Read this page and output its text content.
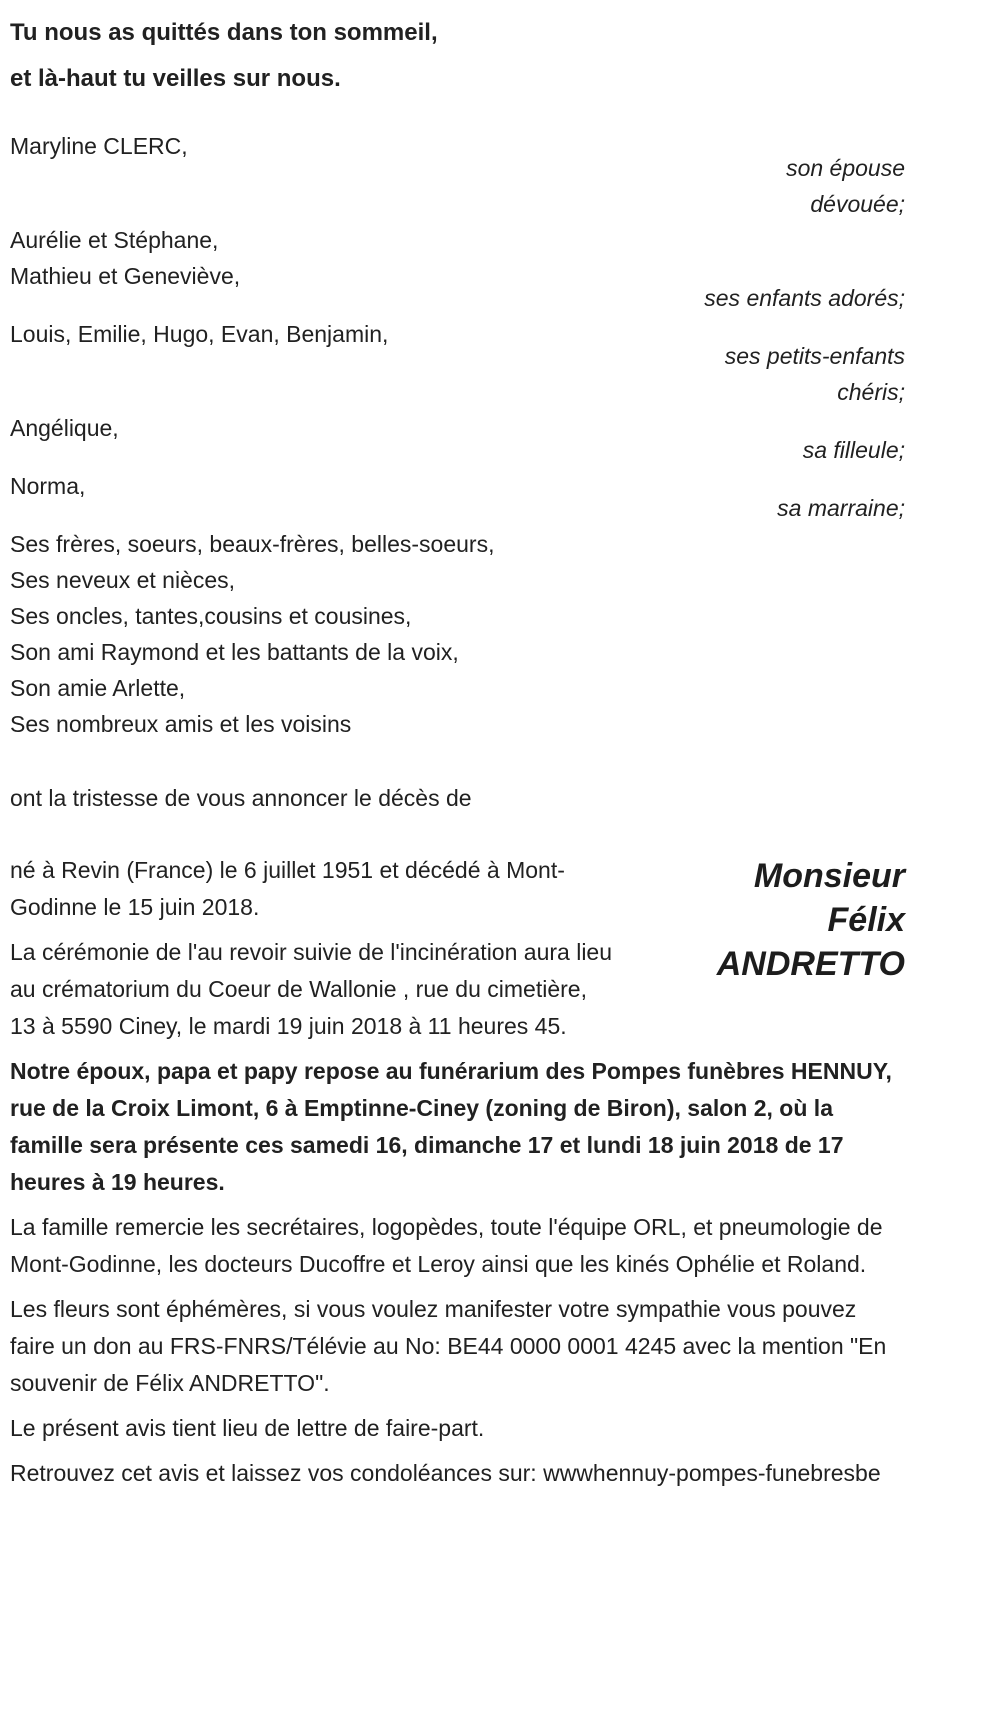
Tu nous as quittés dans ton sommeil,
et là-haut tu veilles sur nous.
Maryline CLERC,
son épouse
dévouée;
Aurélie et Stéphane,
Mathieu et Geneviève,
ses enfants adorés;
Louis, Emilie, Hugo, Evan, Benjamin,
ses petits-enfants
chéris;
Angélique,
sa filleule;
Norma,
sa marraine;
Ses frères, soeurs, beaux-frères, belles-soeurs,
Ses neveux et nièces,
Ses oncles, tantes,cousins et cousines,
Son ami Raymond et les battants de la voix,
Son amie Arlette,
Ses nombreux amis et les voisins
ont la tristesse de vous annoncer le décès de
Monsieur
Félix
ANDRETTO

né à Revin (France) le 6 juillet 1951 et décédé à Mont-Godinne le 15 juin 2018.

La cérémonie de l'au revoir suivie de l'incinération aura lieu au crématorium du Coeur de Wallonie , rue du cimetière, 13 à 5590 Ciney, le mardi 19 juin 2018 à 11 heures 45.

Notre époux, papa et papy repose au funérarium des Pompes funèbres HENNUY, rue de la Croix Limont, 6 à Emptinne-Ciney (zoning de Biron), salon 2, où la famille sera présente ces samedi 16, dimanche 17 et lundi 18 juin 2018 de 17 heures à 19 heures.

La famille remercie les secrétaires, logopèdes, toute l'équipe ORL, et pneumologie de Mont-Godinne, les docteurs Ducoffre et Leroy ainsi que les kinés Ophélie et Roland.

Les fleurs sont éphémères, si vous voulez manifester votre sympathie vous pouvez faire un don au FRS-FNRS/Télévie au No: BE44 0000 0001 4245 avec la mention "En souvenir de Félix ANDRETTO".

Le présent avis tient lieu de lettre de faire-part.

Retrouvez cet avis et laissez vos condoléances sur: wwwhennuy-pompes-funebresbe
